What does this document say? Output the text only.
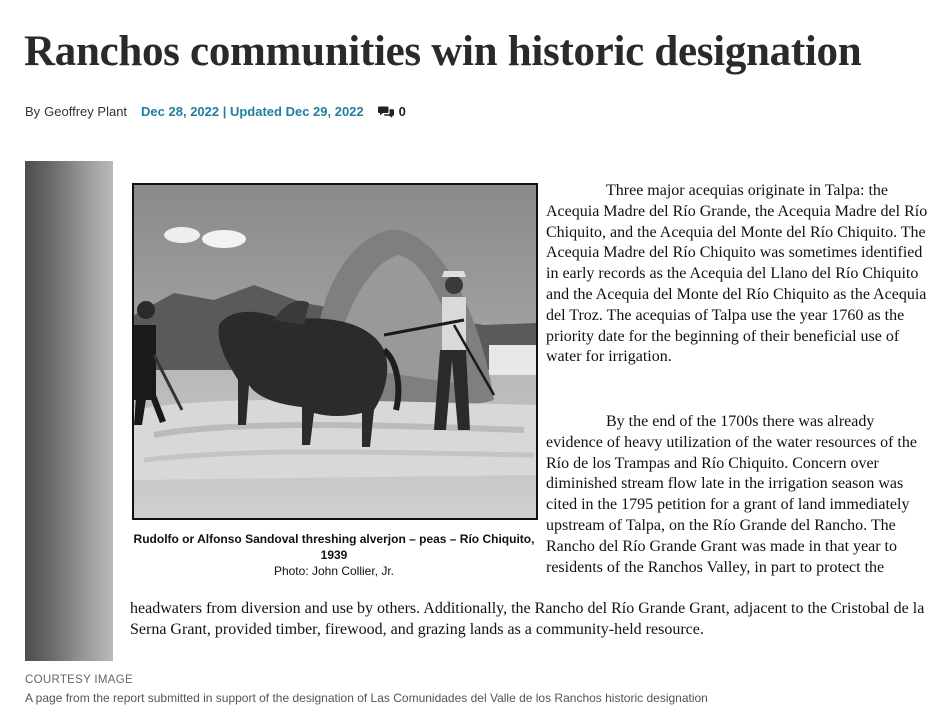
Ranchos communities win historic designation
By Geoffrey Plant Dec 28, 2022 | Updated Dec 29, 2022	0
Rudolfo or Alfonso Sandoval threshing alverjon – peas – Río Chiquito, 1939
Photo: John Collier, Jr.

Three major acequias originate in Talpa: the Acequia Madre del Río Grande, the Acequia Madre del Río Chiquito, and the Acequia del Monte del Río Chiquito. The Acequia Madre del Río Chiquito was sometimes identified in early records as the Acequia del Llano del Río Chiquito and the Acequia del Monte del Río Chiquito as the Acequia del Troz. The acequias of Talpa use the year 1760 as the priority date for the beginning of their beneficial use of water for irrigation.

By the end of the 1700s there was already evidence of heavy utilization of the water resources of the Río de los Trampas and Río Chiquito. Concern over diminished stream flow late in the irrigation season was cited in the 1795 petition for a grant of land immediately upstream of Talpa, on the Río Grande del Rancho. The Rancho del Río Grande Grant was made in that year to residents of the Ranchos Valley, in part to protect the

headwaters from diversion and use by others. Additionally, the Rancho del Río Grande Grant, adjacent to the Cristobal de la Serna Grant, provided timber, firewood, and grazing lands as a community-held resource.

COURTESY IMAGE
A page from the report submitted in support of the designation of Las Comunidades del Valle de los Ranchos historic designation
